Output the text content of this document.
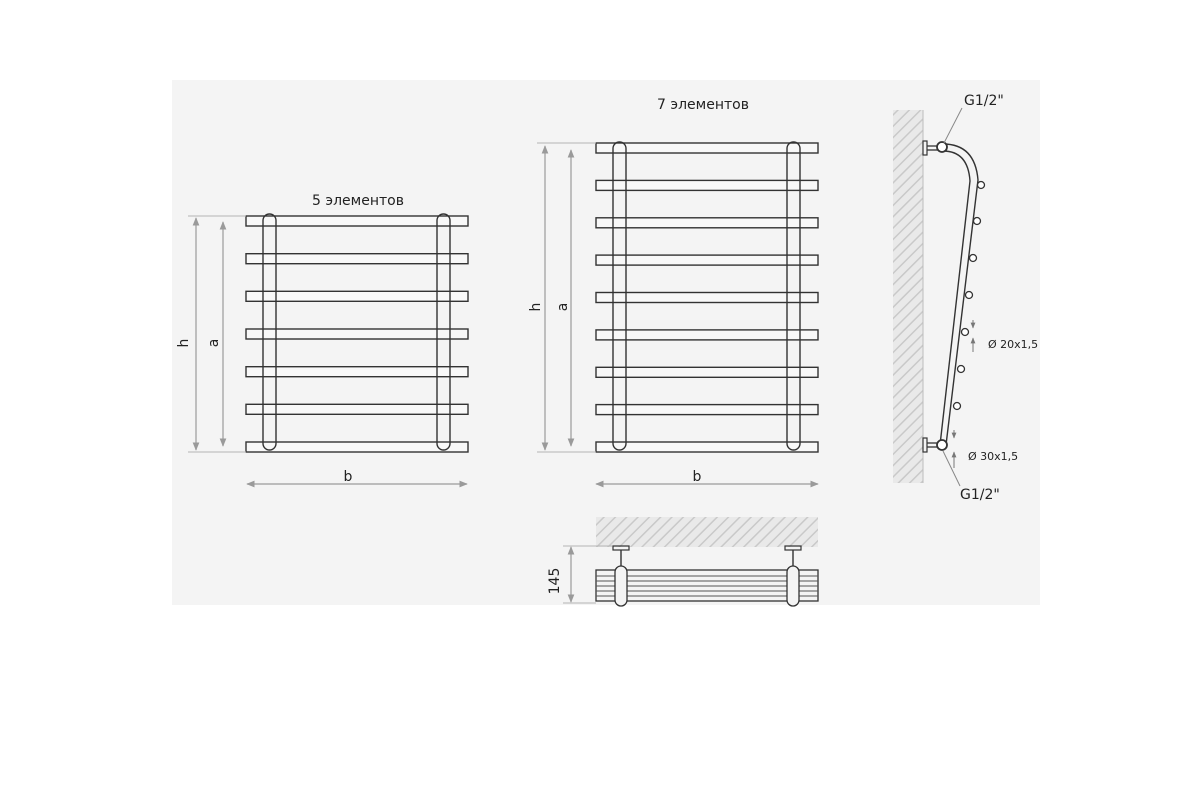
5 элементов
h a
b
7 элементов
h a
b
145
G1/2"
G1/2"
Ø 20x1,5
Ø 30x1,5
